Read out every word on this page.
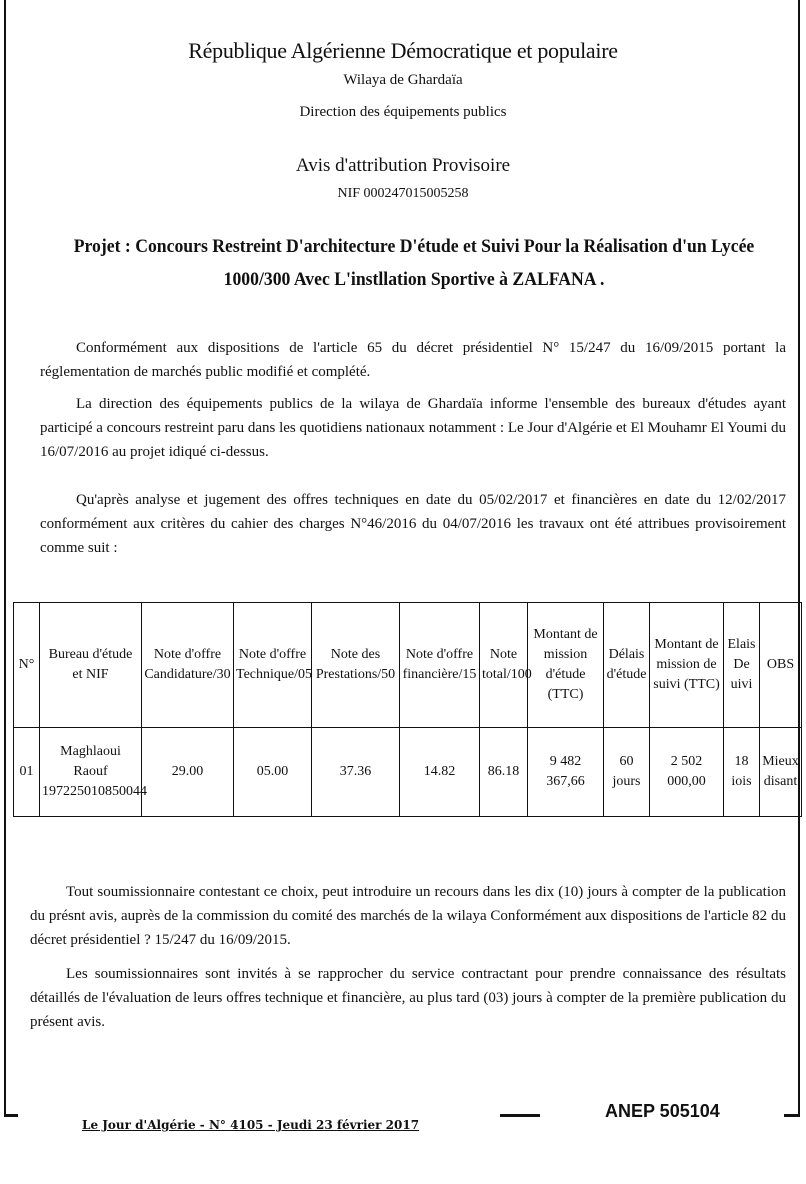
République Algérienne Démocratique et populaire
Wilaya de Ghardaïa
Direction des équipements publics
Avis d'attribution Provisoire
NIF 000247015005258
Projet : Concours Restreint D'architecture D'étude et Suivi Pour la Réalisation d'un Lycée 1000/300 Avec L'instllation Sportive à ZALFANA .
Conformément aux dispositions de l'article 65 du décret présidentiel N° 15/247 du 16/09/2015 portant la réglementation de marchés public modifié et complété.
La direction des équipements publics de la wilaya de Ghardaïa informe l'ensemble des bureaux d'études ayant participé a concours restreint paru dans les quotidiens nationaux notamment : Le Jour d'Algérie et El Mouhamr El Youmi du 16/07/2016 au projet idiqué ci-dessus.
Qu'après analyse et jugement des offres techniques en date du 05/02/2017 et financières en date du 12/02/2017 conformément aux critères du cahier des charges N°46/2016 du 04/07/2016 les travaux ont été attribues provisoirement comme suit :
N°	Bureau d'étude et NIF	Note d'offre Candidature/30	Note d'offre Technique/05	Note des Prestations/50	Note d'offre financière/15	Note total/100	Montant de mission d'étude (TTC)	Délais d'étude	Montant de mission de suivi (TTC)	Elais De uivi	OBS
01	Maghlaoui Raouf 197225010850044	29.00	05.00	37.36	14.82	86.18	9 482 367,66	60 jours	2 502 000,00	18 iois	Mieux disant
Tout soumissionnaire contestant ce choix, peut introduire un recours dans les dix (10) jours à compter de la publication du présnt avis, auprès de la commission du comité des marchés de la wilaya Conformément aux dispositions de l'article 82 du décret présidentiel ? 15/247 du 16/09/2015.
Les soumissionnaires sont invités à se rapprocher du service contractant pour prendre connaissance des résultats détaillés de l'évaluation de leurs offres technique et financière, au plus tard (03) jours à compter de la première publication du présent avis.
Le Jour d'Algérie - N° 4105 - Jeudi 23 février 2017
ANEP 505104
